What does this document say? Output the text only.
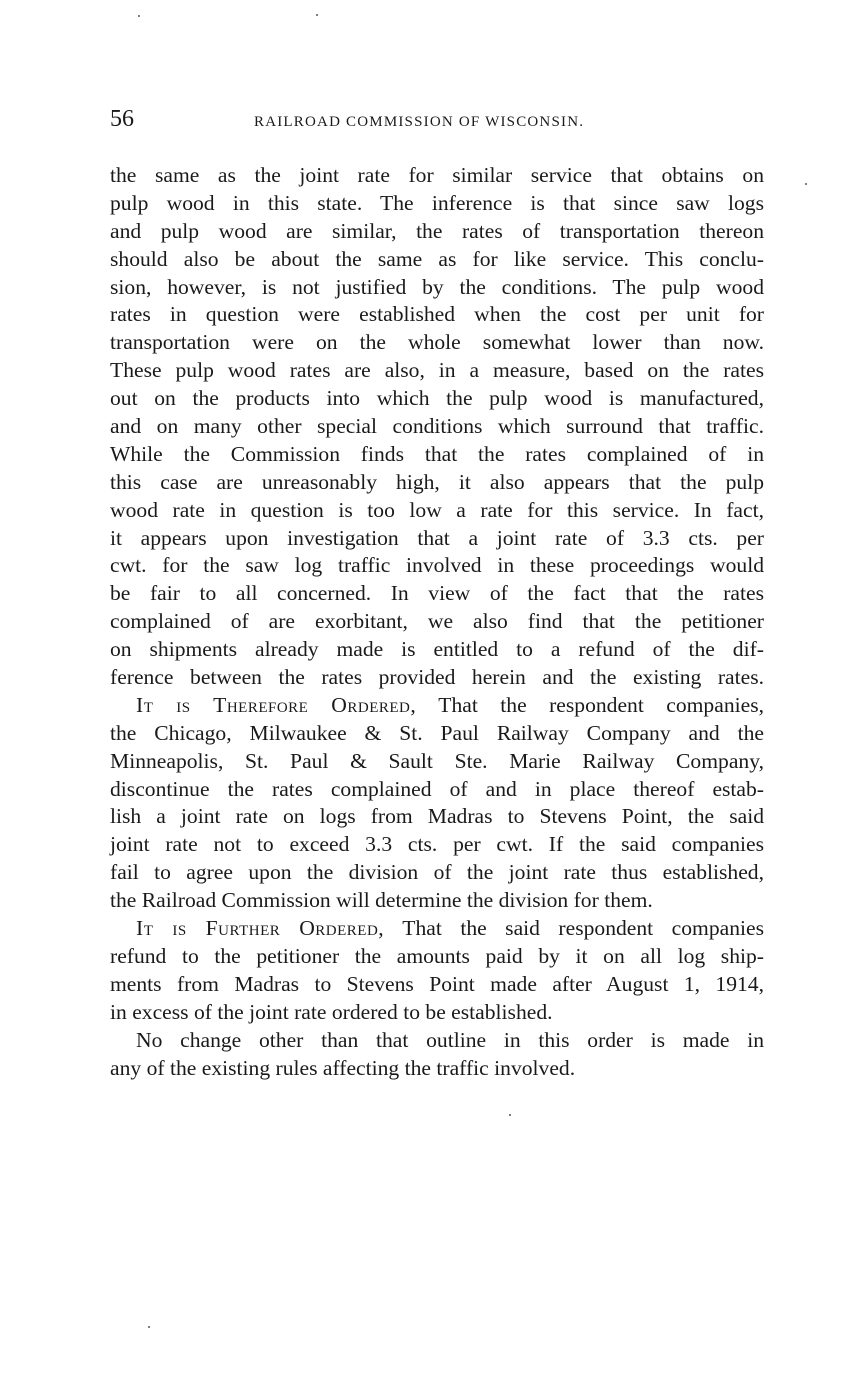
56	RAILROAD COMMISSION OF WISCONSIN.
the same as the joint rate for similar service that obtains on
pulp wood in this state. The inference is that since saw logs
and pulp wood are similar, the rates of transportation thereon
should also be about the same as for like service. This conclu-
sion, however, is not justified by the conditions. The pulp wood
rates in question were established when the cost per unit for
transportation were on the whole somewhat lower than now.
These pulp wood rates are also, in a measure, based on the rates
out on the products into which the pulp wood is manufactured,
and on many other special conditions which surround that traffic.
While the Commission finds that the rates complained of in
this case are unreasonably high, it also appears that the pulp
wood rate in question is too low a rate for this service. In fact,
it appears upon investigation that a joint rate of 3.3 cts. per
cwt. for the saw log traffic involved in these proceedings would
be fair to all concerned. In view of the fact that the rates
complained of are exorbitant, we also find that the petitioner
on shipments already made is entitled to a refund of the dif-
ference between the rates provided herein and the existing rates.
It is Therefore Ordered, That the respondent companies,
the Chicago, Milwaukee & St. Paul Railway Company and the
Minneapolis, St. Paul & Sault Ste. Marie Railway Company,
discontinue the rates complained of and in place thereof estab-
lish a joint rate on logs from Madras to Stevens Point, the said
joint rate not to exceed 3.3 cts. per cwt. If the said companies
fail to agree upon the division of the joint rate thus established,
the Railroad Commission will determine the division for them.
It is Further Ordered, That the said respondent companies
refund to the petitioner the amounts paid by it on all log ship-
ments from Madras to Stevens Point made after August 1, 1914,
in excess of the joint rate ordered to be established.
No change other than that outline in this order is made in
any of the existing rules affecting the traffic involved.
